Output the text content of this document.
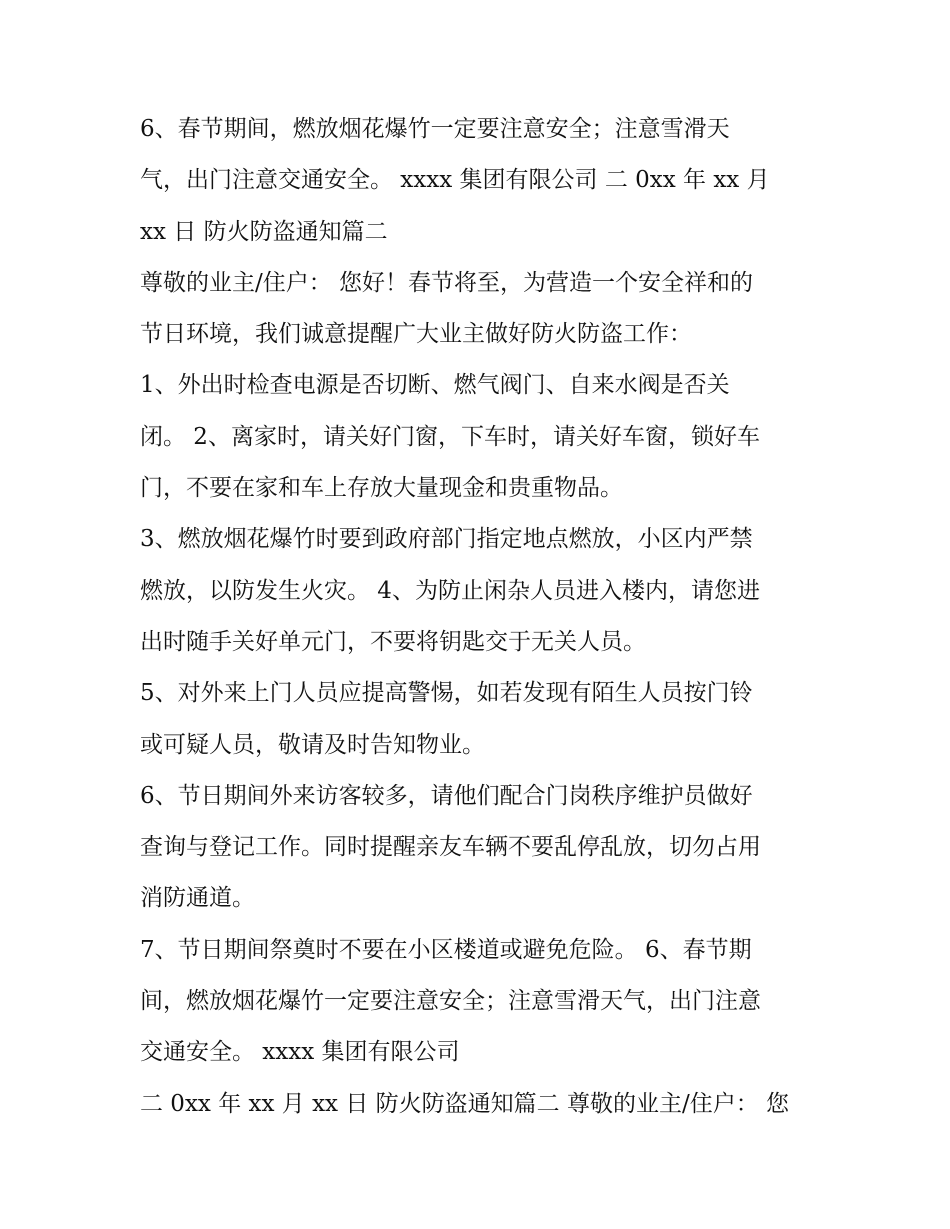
6、春节期间，燃放烟花爆竹一定要注意安全；注意雪滑天
气，出门注意交通安全。 xxxx 集团有限公司 二 0xx 年 xx 月
xx 日 防火防盗通知篇二
尊敬的业主/住户： 您好！春节将至，为营造一个安全祥和的
节日环境，我们诚意提醒广大业主做好防火防盗工作：
1、外出时检查电源是否切断、燃气阀门、自来水阀是否关
闭。 2、离家时，请关好门窗，下车时，请关好车窗，锁好车
门，不要在家和车上存放大量现金和贵重物品。
3、燃放烟花爆竹时要到政府部门指定地点燃放，小区内严禁
燃放，以防发生火灾。 4、为防止闲杂人员进入楼内，请您进
出时随手关好单元门，不要将钥匙交于无关人员。
5、对外来上门人员应提高警惕，如若发现有陌生人员按门铃
或可疑人员，敬请及时告知物业。
6、节日期间外来访客较多，请他们配合门岗秩序维护员做好
查询与登记工作。同时提醒亲友车辆不要乱停乱放，切勿占用
消防通道。
7、节日期间祭奠时不要在小区楼道或避免危险。 6、春节期
间，燃放烟花爆竹一定要注意安全；注意雪滑天气，出门注意
交通安全。 xxxx 集团有限公司
二 0xx 年 xx 月 xx 日 防火防盗通知篇二 尊敬的业主/住户： 您
